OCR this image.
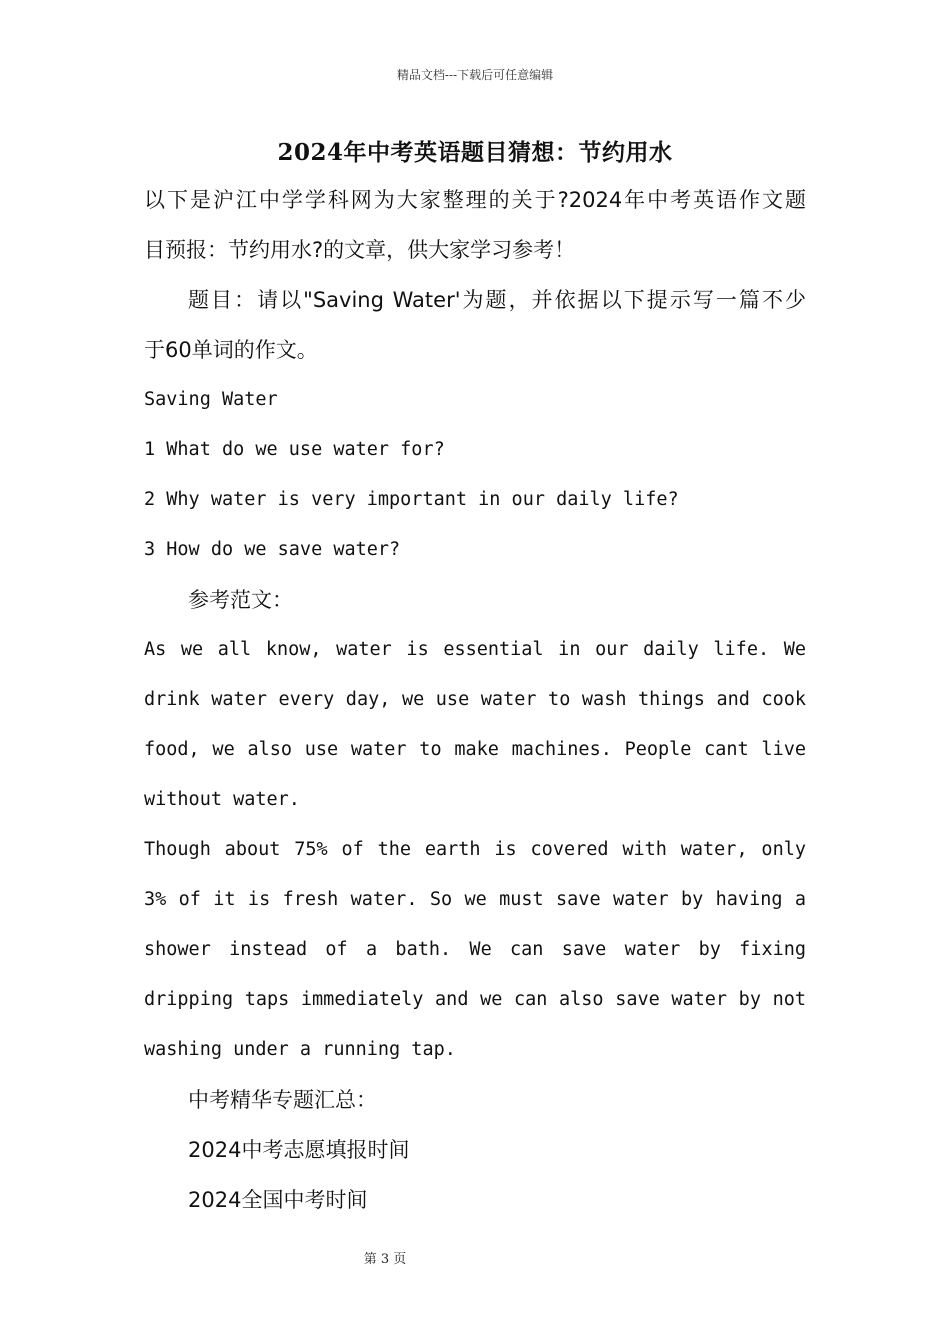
精品文档---下载后可任意编辑
2024年中考英语题目猜想：节约用水
以下是沪江中学学科网为大家整理的关于?2024年中考英语作文题
目预报：节约用水?的文章，供大家学习参考！
题目：请以"Saving Water'为题，并依据以下提示写一篇不少
于60单词的作文。
Saving Water
1 What do we use water for?
2 Why water is very important in our daily life?
3 How do we save water?
参考范文：
As we all know, water is essential in our daily life. We
drink water every day, we use water to wash things and cook
food, we also use water to make machines. People cant live
without water.
Though about 75% of the earth is covered with water, only
3% of it is fresh water. So we must save water by having a
shower instead of a bath. We can save water by fixing
dripping taps immediately and we can also save water by not
washing under a running tap.
中考精华专题汇总：
2024中考志愿填报时间
2024全国中考时间
第 3 页
